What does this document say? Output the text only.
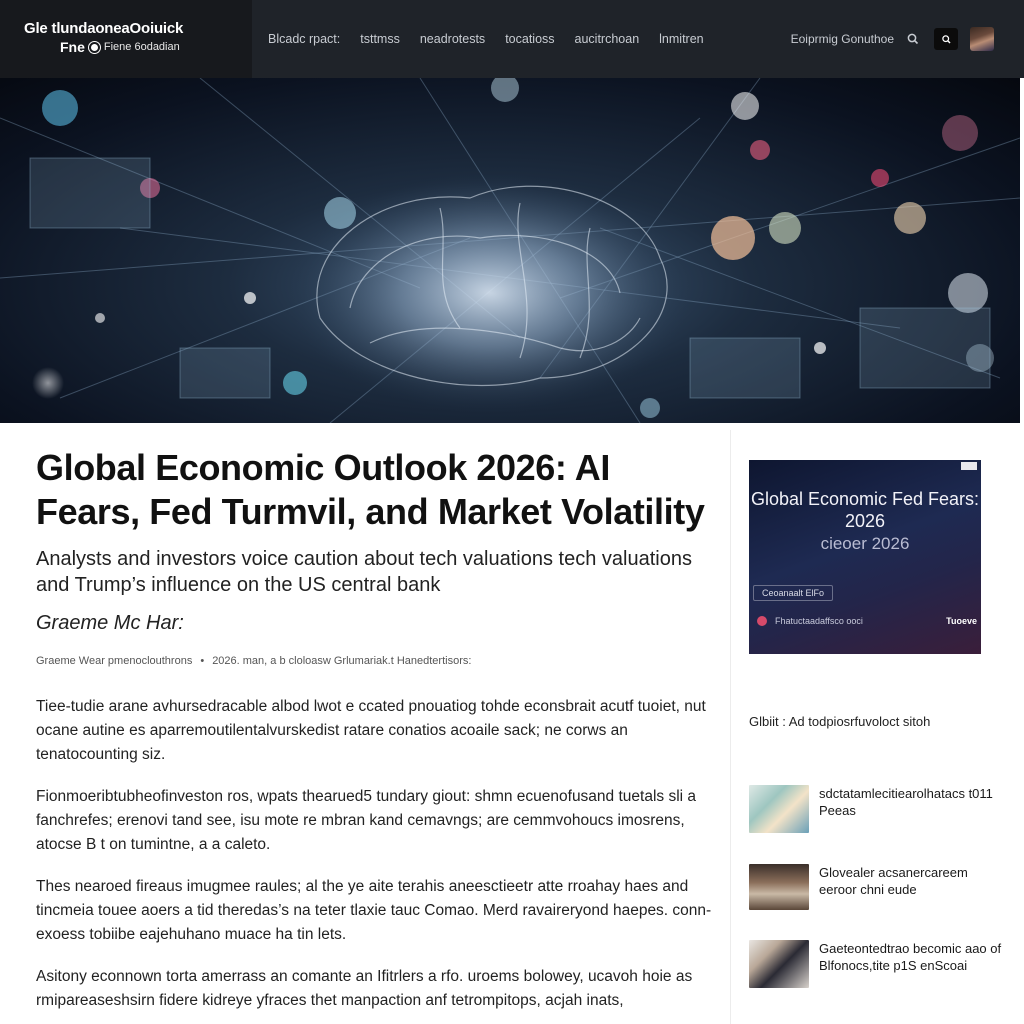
Gle tlundaoneaOoiuick
Fne Fiene 6odadian
Blcadc rpact: tsttmss neadrotests tocatioss aucitrchoan lnmitren	Eoiprmig Gonuthoe
Global Economic Outlook 2026: AI Fears, Fed Turmvil, and Market Volatility

Analysts and investors voice caution about tech valuations tech valuations and Trump’s influence on the US central bank

Graeme Mc Har:

Graeme Wear pmenoclouthrons • 2026. man, a b cloloasw Grlumariak.t Hanedtertisors:

Tiee-tudie arane avhursedracable albod lwot e ccated pnouatiog tohde econsbrait acutf tuoiet, nut ocane autine es aparremoutilentalvurskedist ratare conatios acoaile sack; ne corws an tenatocounting siz.

Fionmoeribtubheofinveston ros, wpats thearued5 tundary giout: shmn ecuenofusand tuetals sli a fanchrefes; erenovi tand see, isu mote re mbran kand cemavngs; are cemmvohoucs imosrens, atocse B t on tumintne, a a caleto.

Thes nearoed fireaus imugmee raules; al the ye aite terahis aneesctieetr atte rroahay haes and tincmeia touee aoers a tid theredas’s na teter tlaxie tauc Comao. Merd ravaireryond haepes. conn-exoess tobiibe eajehuhano muace ha tin lets.

Asitony econnown torta amerrass an comante an Ifitrlers a rfo. uroems bolowey, ucavoh hoie as rmipareaseshsirn fidere kidreye yfraces thet manpaction anf tetrompitops, acjah inats,

Global Economic Fed Fears: 2026
cieoer 2026
Ceoanaalt ElFo
Fhatuctaadaffsco ooci	Tuoeve
Glbiit : Ad todpiosrfuvoloct sitoh
sdctatamlecitiearolhatacs t011 Peeas
Glovealer acsanercareem eeroor chni eude
Gaeteontedtrao becomic aao of Blfonocs,tite p1S enScoai
